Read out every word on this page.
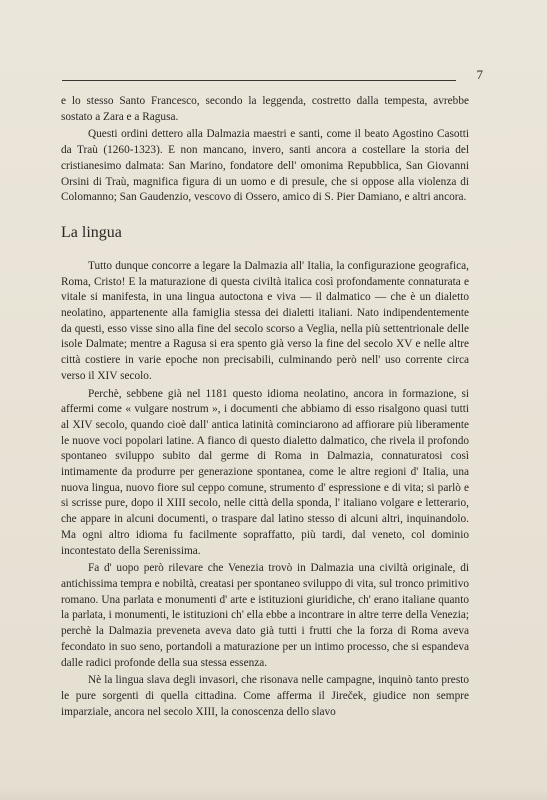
7

e lo stesso Santo Francesco, secondo la leggenda, costretto dalla tempesta, avrebbe sostato a Zara e a Ragusa.

Questi ordini dettero alla Dalmazia maestri e santi, come il beato Agostino Casotti da Traù (1260-1323). E non mancano, invero, santi ancora a costellare la storia del cristianesimo dalmata: San Marino, fondatore dell' omonima Repubblica, San Giovanni Orsini di Traù, magnifica figura di un uomo e di presule, che si oppose alla violenza di Colomanno; San Gaudenzio, vescovo di Ossero, amico di S. Pier Damiano, e altri ancora.

La lingua

Tutto dunque concorre a legare la Dalmazia all' Italia, la configurazione geografica, Roma, Cristo! E la maturazione di questa civiltà italica così profondamente connaturata e vitale si manifesta, in una lingua autoctona e viva — il dalmatico — che è un dialetto neolatino, appartenente alla famiglia stessa dei dialetti italiani. Nato indipendentemente da questi, esso visse sino alla fine del secolo scorso a Veglia, nella più settentrionale delle isole Dalmate; mentre a Ragusa si era spento già verso la fine del secolo XV e nelle altre città costiere in varie epoche non precisabili, culminando però nell' uso corrente circa verso il XIV secolo.

Perchè, sebbene già nel 1181 questo idioma neolatino, ancora in formazione, si affermi come « vulgare nostrum », i documenti che abbiamo di esso risalgono quasi tutti al XIV secolo, quando cioè dall' antica latinità cominciarono ad affiorare più liberamente le nuove voci popolari latine. A fianco di questo dialetto dalmatico, che rivela il profondo spontaneo sviluppo subito dal germe di Roma in Dalmazia, connaturatosi così intimamente da produrre per generazione spontanea, come le altre regioni d' Italia, una nuova lingua, nuovo fiore sul ceppo comune, strumento d' espressione e di vita; si parlò e si scrisse pure, dopo il XIII secolo, nelle città della sponda, l' italiano volgare e letterario, che appare in alcuni documenti, o traspare dal latino stesso di alcuni altri, inquinandolo. Ma ogni altro idioma fu facilmente sopraffatto, più tardi, dal veneto, col dominio incontestato della Serenissima.

Fa d' uopo però rilevare che Venezia trovò in Dalmazia una civiltà originale, di antichissima tempra e nobiltà, creatasi per spontaneo sviluppo di vita, sul tronco primitivo romano. Una parlata e monumenti d' arte e istituzioni giuridiche, ch' erano italiane quanto la parlata, i monumenti, le istituzioni ch' ella ebbe a incontrare in altre terre della Venezia; perchè la Dalmazia preveneta aveva dato già tutti i frutti che la forza di Roma aveva fecondato in suo seno, portandoli a maturazione per un intimo processo, che si espandeva dalle radici profonde della sua stessa essenza.

Nè la lingua slava degli invasori, che risonava nelle campagne, inquinò tanto presto le pure sorgenti di quella cittadina. Come afferma il Jireček, giudice non sempre imparziale, ancora nel secolo XIII, la conoscenza dello slavo
